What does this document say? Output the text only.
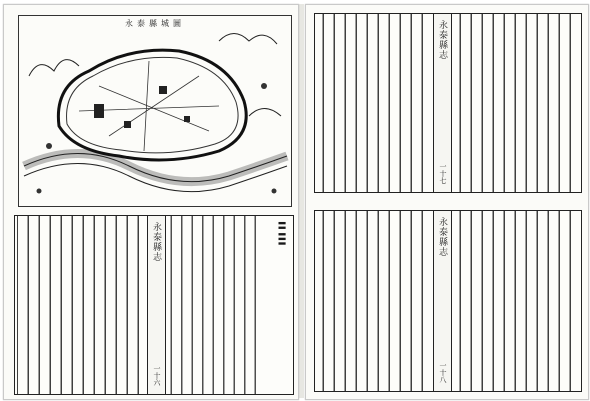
永泰縣城圖
永泰縣志
一十六
▌▌ ▌▌▌
永泰縣志
一十七
永泰縣志
一十八
